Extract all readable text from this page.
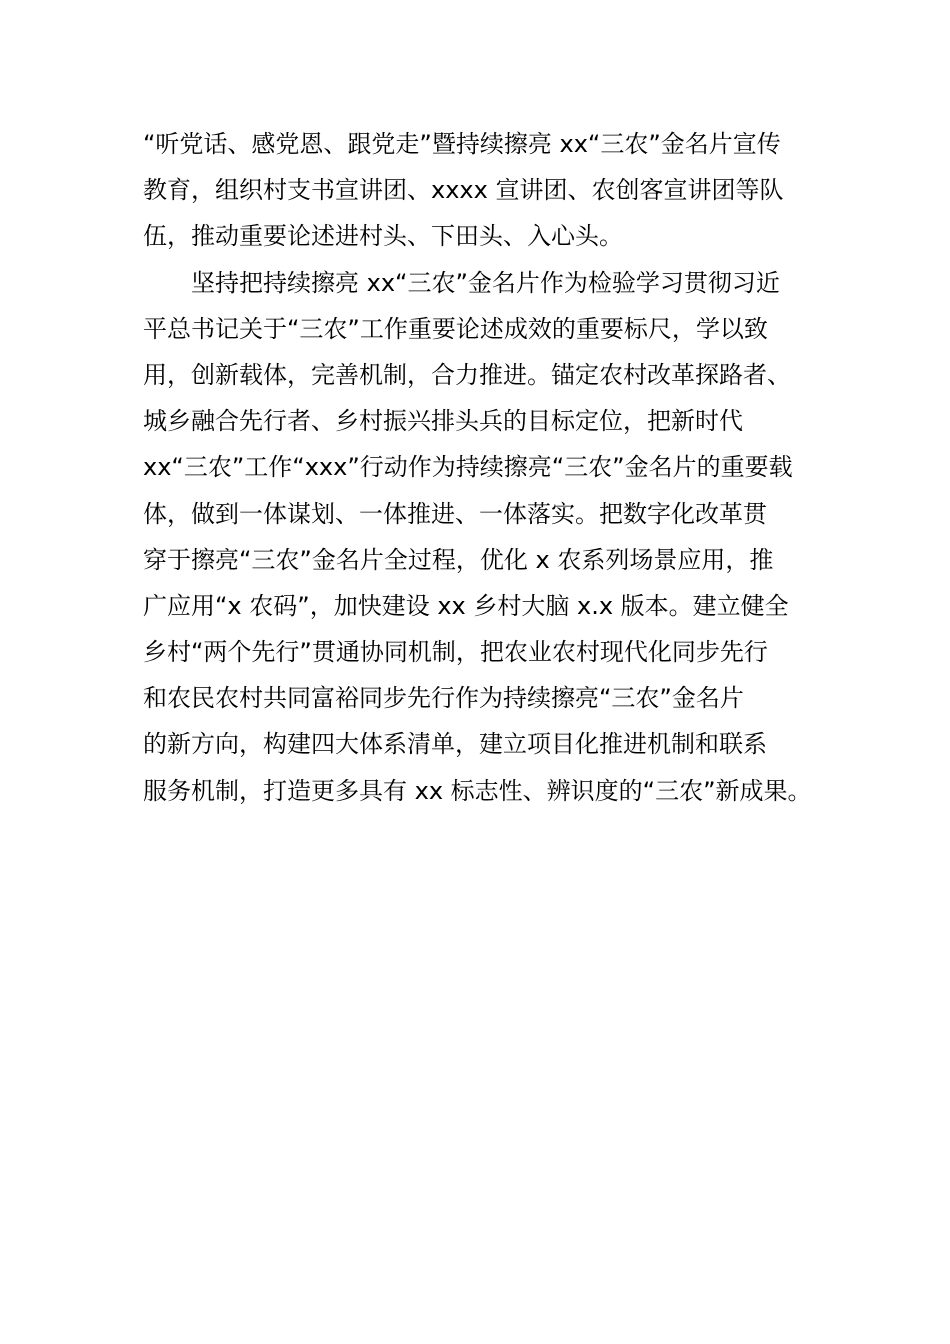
“听党话、感党恩、跟党走”暨持续擦亮 xx“三农”金名片宣传
教育，组织村支书宣讲团、xxxx 宣讲团、农创客宣讲团等队
伍，推动重要论述进村头、下田头、入心头。
坚持把持续擦亮 xx“三农”金名片作为检验学习贯彻习近
平总书记关于“三农”工作重要论述成效的重要标尺，学以致
用，创新载体，完善机制，合力推进。锚定农村改革探路者、
城乡融合先行者、乡村振兴排头兵的目标定位，把新时代
xx“三农”工作“xxx”行动作为持续擦亮“三农”金名片的重要载
体，做到一体谋划、一体推进、一体落实。把数字化改革贯
穿于擦亮“三农”金名片全过程，优化 x 农系列场景应用，推
广应用“x 农码”，加快建设 xx 乡村大脑 x.x 版本。建立健全
乡村“两个先行”贯通协同机制，把农业农村现代化同步先行
和农民农村共同富裕同步先行作为持续擦亮“三农”金名片
的新方向，构建四大体系清单，建立项目化推进机制和联系
服务机制，打造更多具有 xx 标志性、辨识度的“三农”新成果。
